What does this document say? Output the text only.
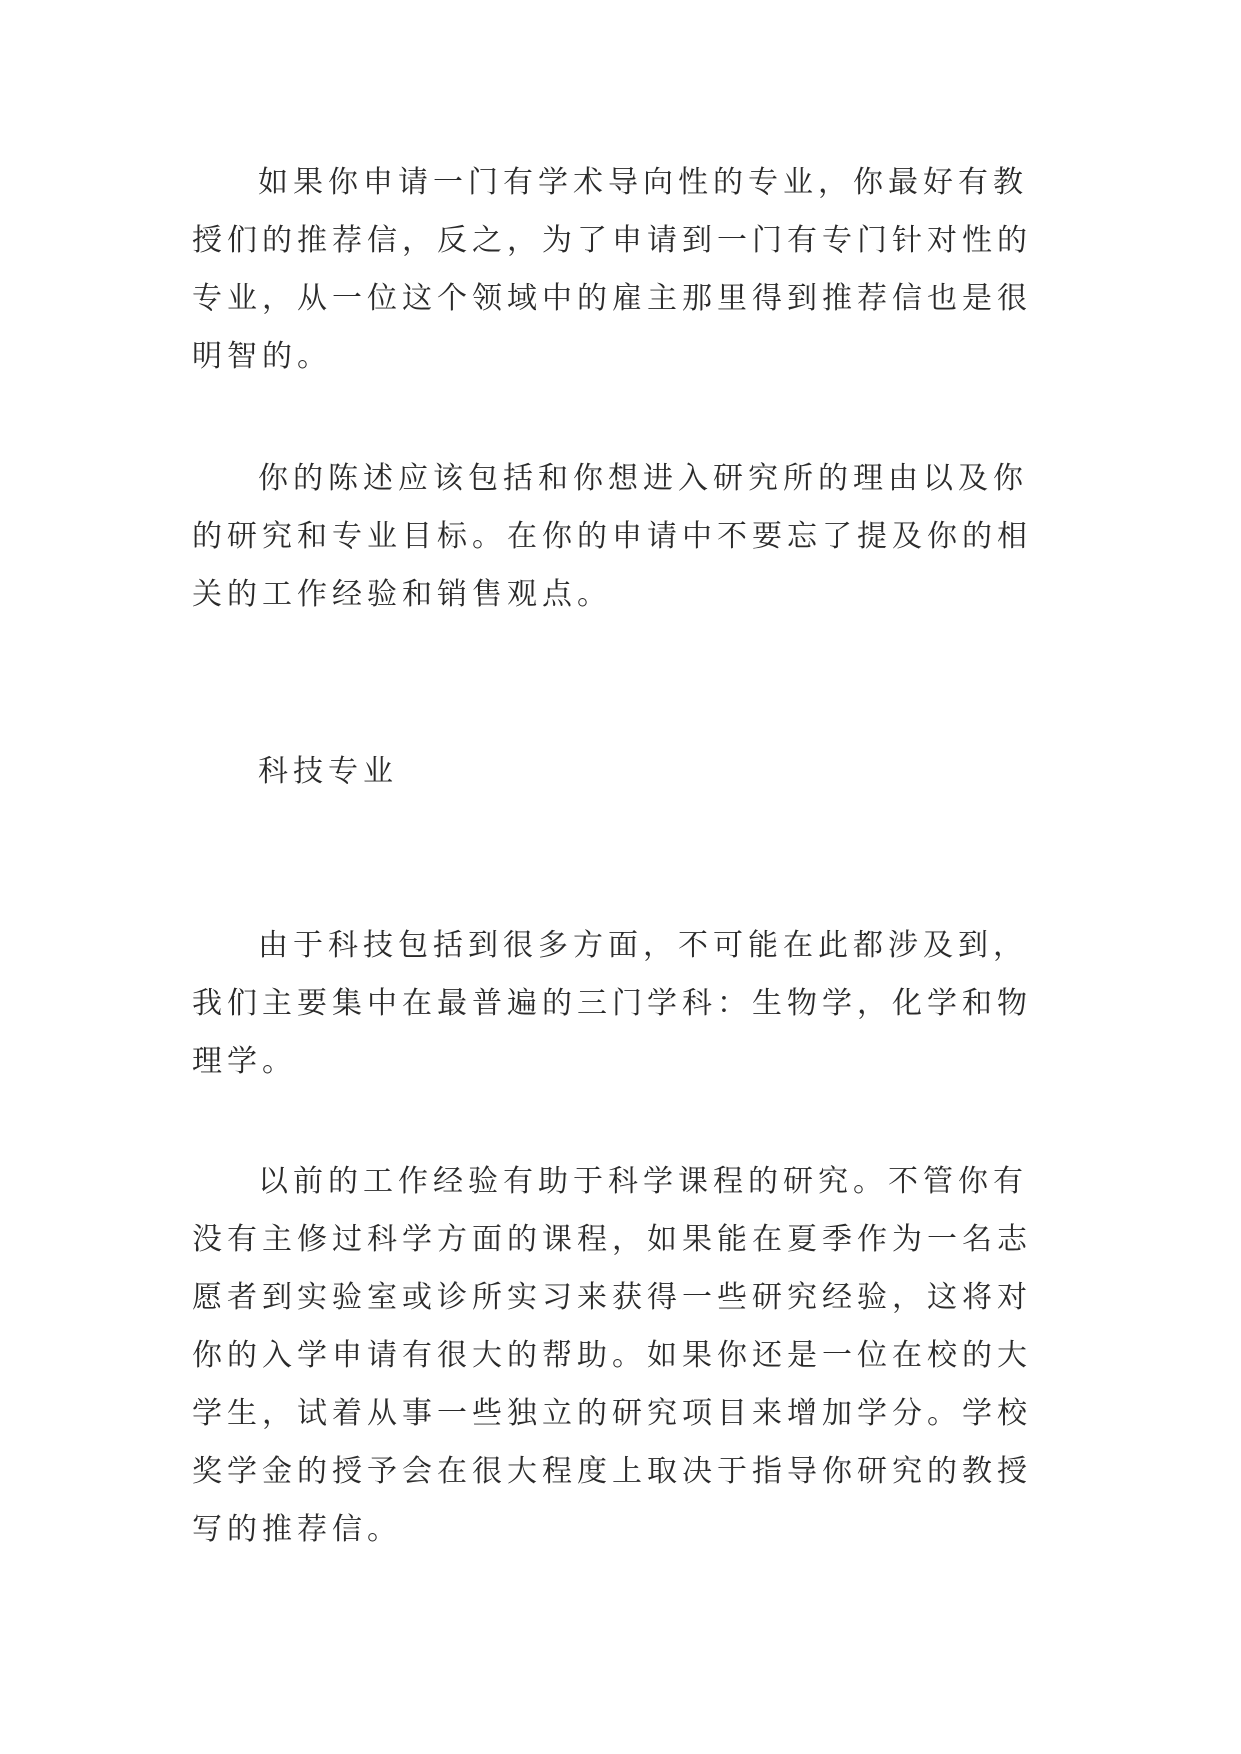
如果你申请一门有学术导向性的专业，你最好有教授们的推荐信，反之，为了申请到一门有专门针对性的专业，从一位这个领域中的雇主那里得到推荐信也是很明智的。

你的陈述应该包括和你想进入研究所的理由以及你的研究和专业目标。在你的申请中不要忘了提及你的相关的工作经验和销售观点。

科技专业

由于科技包括到很多方面，不可能在此都涉及到，我们主要集中在最普遍的三门学科：生物学，化学和物理学。

以前的工作经验有助于科学课程的研究。不管你有没有主修过科学方面的课程，如果能在夏季作为一名志愿者到实验室或诊所实习来获得一些研究经验，这将对你的入学申请有很大的帮助。如果你还是一位在校的大学生，试着从事一些独立的研究项目来增加学分。学校奖学金的授予会在很大程度上取决于指导你研究的教授写的推荐信。
